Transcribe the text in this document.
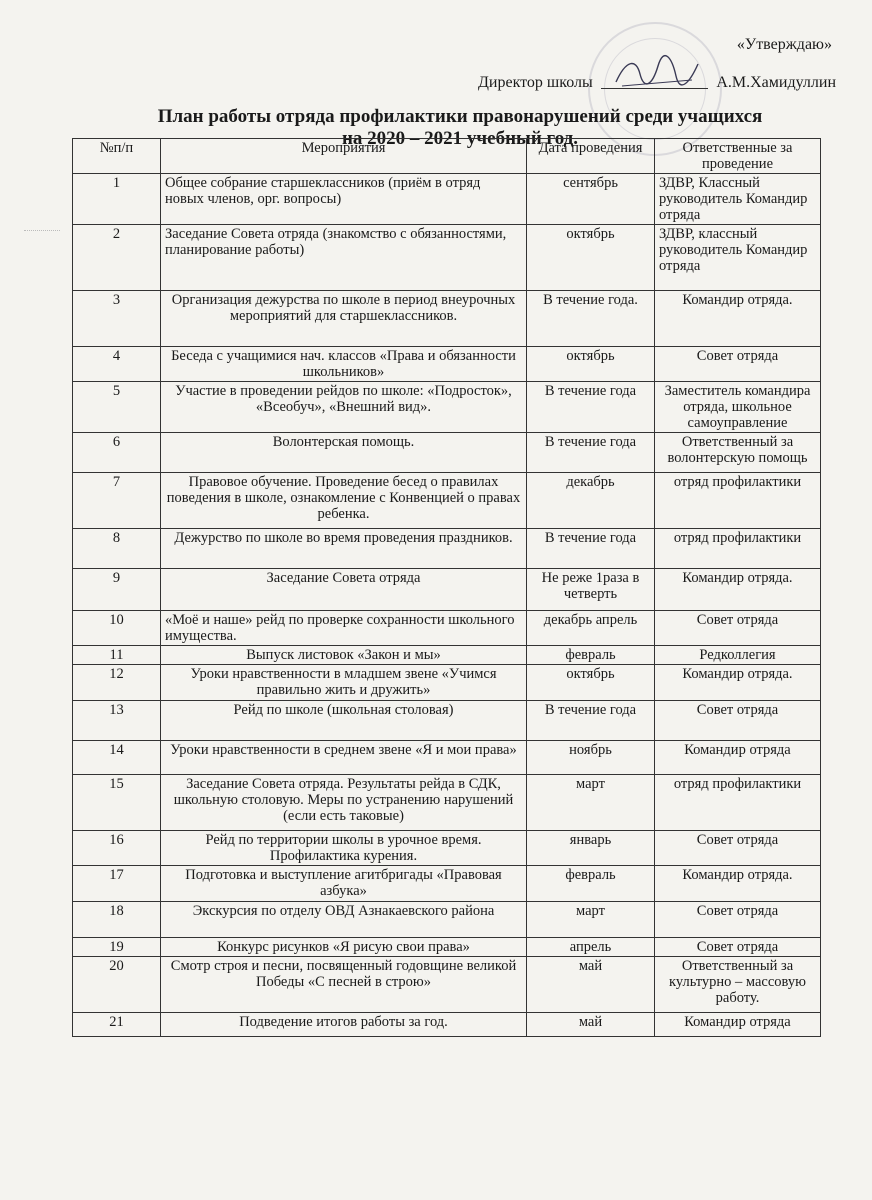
«Утверждаю»
Директор школы	А.М.Хамидуллин
План работы отряда профилактики правонарушений среди учащихся
на 2020 – 2021 учебный год.
№п/п	Мероприятия	Дата проведения	Ответственные за проведение
1	Общее собрание старшеклассников (приём в отряд новых членов, орг. вопросы)	сентябрь	ЗДВР, Классный руководитель Командир отряда
2	Заседание Совета отряда (знакомство с обязанностями, планирование работы)	октябрь	ЗДВР, классный руководитель Командир отряда
3	Организация дежурства по школе в период внеурочных мероприятий для старшеклассников.	В течение года.	Командир отряда.
4	Беседа с учащимися нач. классов «Права и обязанности школьников»	октябрь	Совет отряда
5	Участие в проведении рейдов по школе: «Подросток», «Всеобуч», «Внешний вид».	В течение года	Заместитель командира отряда, школьное самоуправление
6	Волонтерская помощь.	В течение года	Ответственный за волонтерскую помощь
7	Правовое обучение. Проведение бесед о правилах поведения в школе, ознакомление с Конвенцией о правах ребенка.	декабрь	отряд профилактики
8	Дежурство по школе во время проведения праздников.	В течение года	отряд профилактики
9	Заседание Совета отряда	Не реже 1раза в четверть	Командир отряда.
10	«Моё и наше» рейд по проверке сохранности школьного имущества.	декабрь апрель	Совет отряда
11	Выпуск листовок «Закон и мы»	февраль	Редколлегия
12	Уроки нравственности в младшем звене «Учимся правильно жить и дружить»	октябрь	Командир отряда.
13	Рейд по школе (школьная столовая)	В течение года	Совет отряда
14	Уроки нравственности в среднем звене «Я и мои права»	ноябрь	Командир отряда
15	Заседание Совета отряда. Результаты рейда в СДК, школьную столовую. Меры по устранению нарушений (если есть таковые)	март	отряд профилактики
16	Рейд по территории школы в урочное время. Профилактика курения.	январь	Совет отряда
17	Подготовка и выступление агитбригады «Правовая азбука»	февраль	Командир отряда.
18	Экскурсия по отделу ОВД Азнакаевского района	март	Совет отряда
19	Конкурс рисунков «Я рисую свои права»	апрель	Совет отряда
20	Смотр строя и песни, посвященный годовщине великой Победы «С песней в строю»	май	Ответственный за культурно – массовую работу.
21	Подведение итогов работы за год.	май	Командир отряда
